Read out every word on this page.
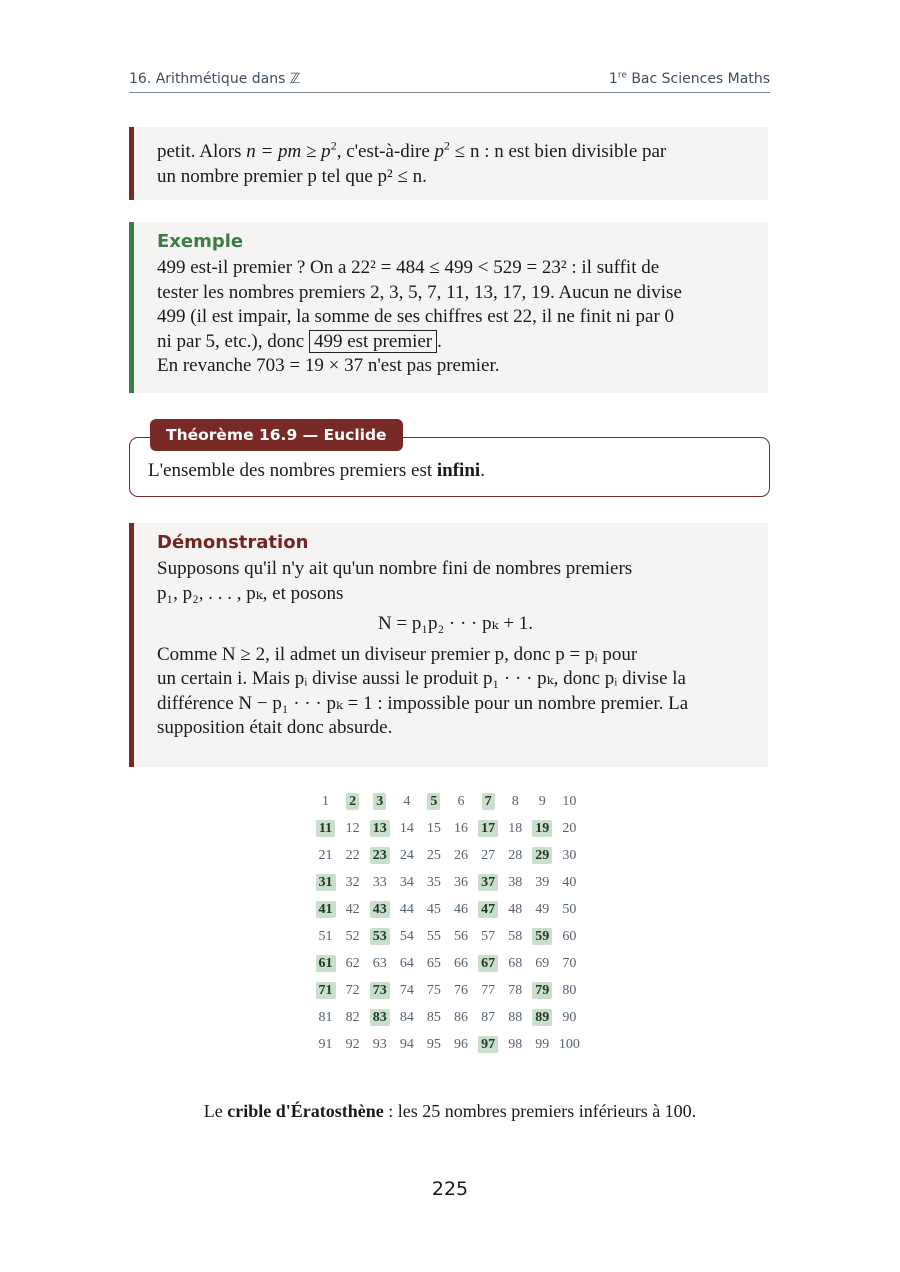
16. Arithmétique dans ℤ	1re Bac Sciences Maths
petit. Alors n = pm ≥ $p^2$, c'est-à-dire $p^2 \le n$ : n est bien divisible par
un nombre premier p tel que p² ≤ n.
Exemple
499 est-il premier ? On a 22² = 484 ≤ 499 < 529 = 23² : il suffit de
tester les nombres premiers 2, 3, 5, 7, 11, 13, 17, 19. Aucun ne divise
499 (il est impair, la somme de ses chiffres est 22, il ne finit ni par 0
ni par 5, etc.), donc 499 est premier .
En revanche 703 = 19 × 37 n'est pas premier.
Théorème 16.9 — Euclide
L'ensemble des nombres premiers est infini.
Démonstration
Supposons qu'il n'y ait qu'un nombre fini de nombres premiers
p₁, p₂, . . . , pₖ, et posons
N = p₁p₂ · · · pₖ + 1.
Comme N ≥ 2, il admet un diviseur premier p, donc p = pᵢ pour
un certain i. Mais pᵢ divise aussi le produit p₁ · · · pₖ, donc pᵢ divise la
différence N − p₁ · · · pₖ = 1 : impossible pour un nombre premier. La
supposition était donc absurde.
1	2	3	4	5	6	7	8	9	10
11 12 13 14 15 16 17 18 19 20
21 22 23 24 25 26 27 28 29 30
31 32 33 34 35 36 37 38 39 40
41 42 43 44 45 46 47 48 49 50
51 52 53 54 55 56 57 58 59 60
61 62 63 64 65 66 67 68 69 70
71 72 73 74 75 76 77 78 79 80
81 82 83 84 85 86 87 88 89 90
91 92 93 94 95 96 97 98 99 100
Le crible d'Ératosthène : les 25 nombres premiers inférieurs à 100.
225
